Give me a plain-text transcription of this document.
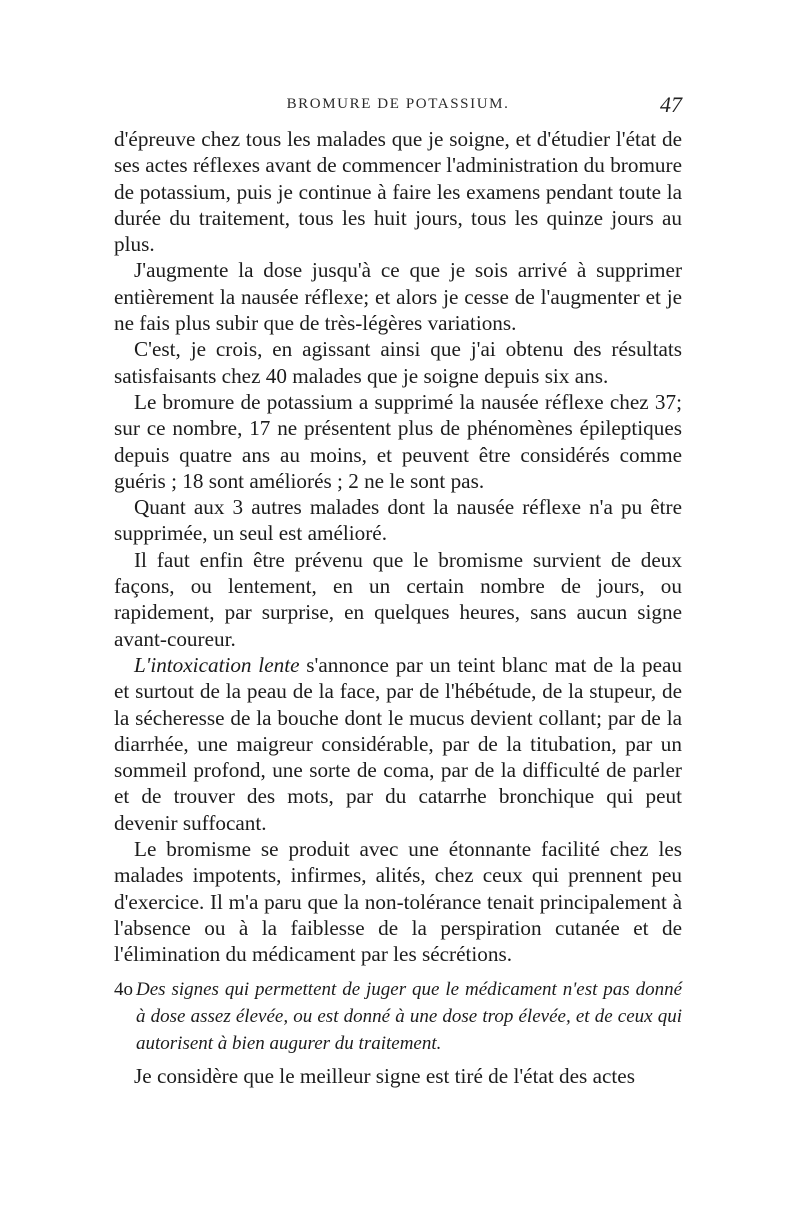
BROMURE DE POTASSIUM.	47

d'épreuve chez tous les malades que je soigne, et d'étudier l'état de ses actes réflexes avant de commencer l'administration du bromure de potassium, puis je continue à faire les examens pendant toute la durée du traitement, tous les huit jours, tous les quinze jours au plus.

J'augmente la dose jusqu'à ce que je sois arrivé à supprimer entièrement la nausée réflexe; et alors je cesse de l'augmenter et je ne fais plus subir que de très-légères variations.

C'est, je crois, en agissant ainsi que j'ai obtenu des résultats satisfaisants chez 40 malades que je soigne depuis six ans.

Le bromure de potassium a supprimé la nausée réflexe chez 37; sur ce nombre, 17 ne présentent plus de phénomènes épileptiques depuis quatre ans au moins, et peuvent être considérés comme guéris ; 18 sont améliorés ; 2 ne le sont pas.

Quant aux 3 autres malades dont la nausée réflexe n'a pu être supprimée, un seul est amélioré.

Il faut enfin être prévenu que le bromisme survient de deux façons, ou lentement, en un certain nombre de jours, ou rapidement, par surprise, en quelques heures, sans aucun signe avant-coureur.

L'intoxication lente s'annonce par un teint blanc mat de la peau et surtout de la peau de la face, par de l'hébétude, de la stupeur, de la sécheresse de la bouche dont le mucus devient collant; par de la diarrhée, une maigreur considérable, par de la titubation, par un sommeil profond, une sorte de coma, par de la difficulté de parler et de trouver des mots, par du catarrhe bronchique qui peut devenir suffocant.

Le bromisme se produit avec une étonnante facilité chez les malades impotents, infirmes, alités, chez ceux qui prennent peu d'exercice. Il m'a paru que la non-tolérance tenait principalement à l'absence ou à la faiblesse de la perspiration cutanée et de l'élimination du médicament par les sécrétions.

4o Des signes qui permettent de juger que le médicament n'est pas donné à dose assez élevée, ou est donné à une dose trop élevée, et de ceux qui autorisent à bien augurer du traitement.

Je considère que le meilleur signe est tiré de l'état des actes
